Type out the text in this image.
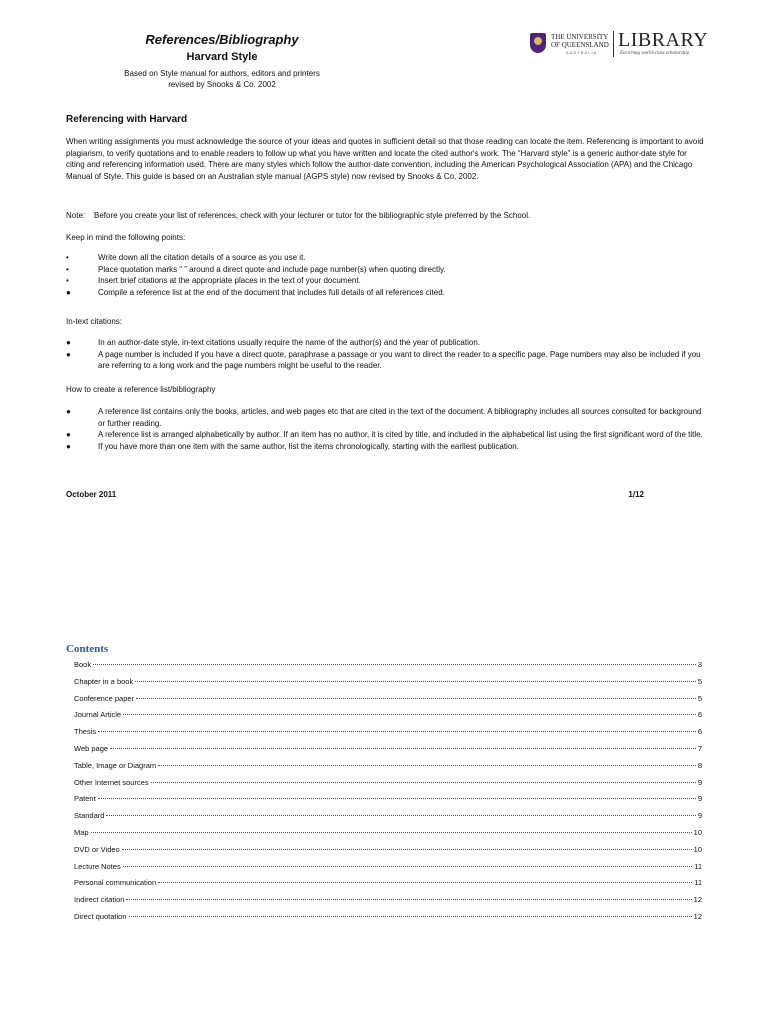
References/Bibliography
Harvard Style
Based on Style manual for authors, editors and printers
revised by Snooks & Co. 2002
THE UNIVERSITY
OF QUEENSLAND
AUSTRALIA
LIBRARY
Enriching world-class scholarship
Referencing with Harvard
When writing assignments you must acknowledge the source of your ideas and quotes in sufficient detail so that those reading can locate the item. Referencing is important to avoid plagiarism, to verify quotations and to enable readers to follow up what you have written and locate the cited author's work. The “Harvard style” is a generic author-date style for citing and referencing information used. There are many styles which follow the author-date convention, including the American Psychological Association (APA) and the Chicago Manual of Style. This guide is based on an Australian style manual (AGPS style) now revised by Snooks & Co, 2002.
Note:    Before you create your list of references, check with your lecturer or tutor for the bibliographic style preferred by the School.
Keep in mind the following points:
•	Write down all the citation details of a source as you use it.
•	Place quotation marks “ ” around a direct quote and include page number(s) when quoting directly.
•	Insert brief citations at the appropriate places in the text of your document.
●	Compile a reference list at the end of the document that includes full details of all references cited.
In-text citations:
●	In an author-date style, in-text citations usually require the name of the author(s) and the year of publication.
●	A page number is included if you have a direct quote, paraphrase a passage or you want to direct the reader to a specific page. Page numbers may also be included if you are referring to a long work and the page numbers might be useful to the reader.
How to create a reference list/bibliography
●	A reference list contains only the books, articles, and web pages etc that are cited in the text of the document. A bibliography includes all sources consulted for background or further reading.
●	A reference list is arranged alphabetically by author. If an item has no author, it is cited by title, and included in the alphabetical list using the first significant word of the title.
●	If you have more than one item with the same author, list the items chronologically, starting with the earliest publication.
October 2011	1/12
Contents
Book	3
Chapter in a book	5
Conference paper	5
Journal Article	6
Thesis	6
Web page	7
Table, Image or Diagram	8
Other Internet sources	9
Patent	9
Standard	9
Map	10
DVD or Video	10
Lecture Notes	11
Personal communication	11
Indirect citation	12
Direct quotation	12
